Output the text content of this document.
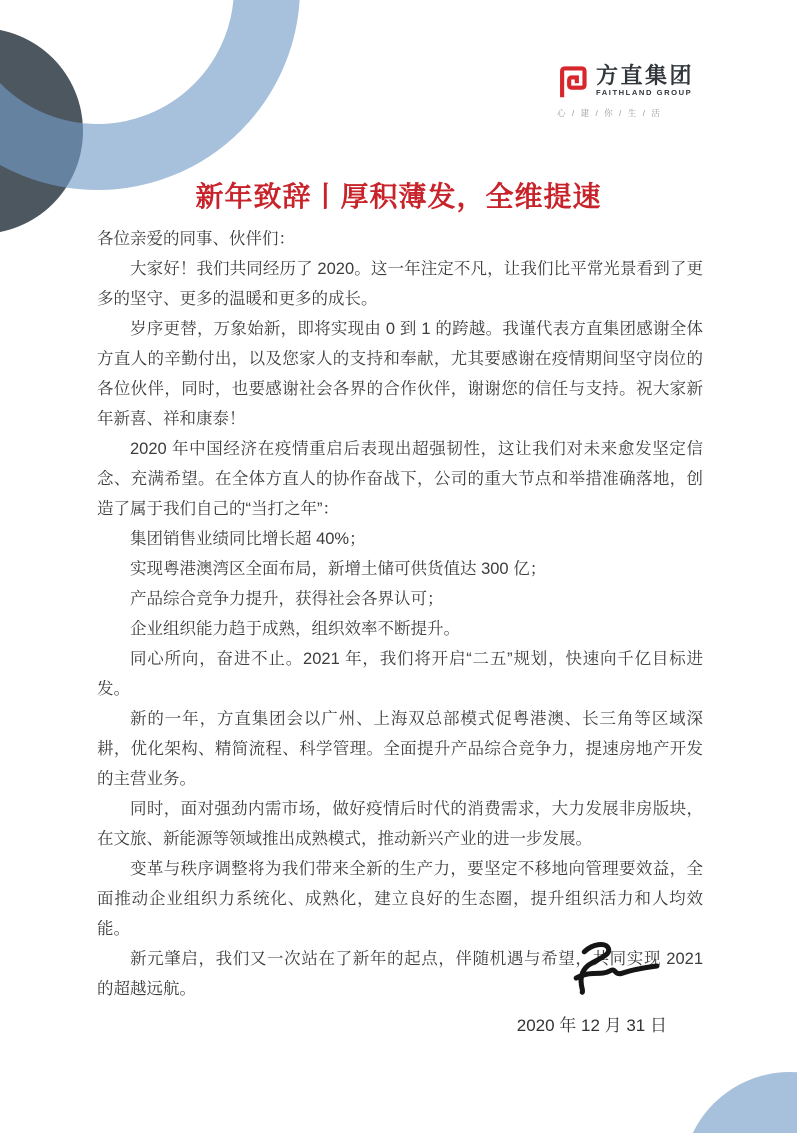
方直集团
FAITHLAND GROUP
心 / 建 / 你 / 生 / 活
新年致辞丨厚积薄发，全维提速

各位亲爱的同事、伙伴们：

大家好！我们共同经历了 2020。这一年注定不凡，让我们比平常光景看到了更多的坚守、更多的温暖和更多的成长。

岁序更替，万象始新，即将实现由 0 到 1 的跨越。我谨代表方直集团感谢全体方直人的辛勤付出，以及您家人的支持和奉献，尤其要感谢在疫情期间坚守岗位的各位伙伴，同时，也要感谢社会各界的合作伙伴，谢谢您的信任与支持。祝大家新年新喜、祥和康泰！

2020 年中国经济在疫情重启后表现出超强韧性，这让我们对未来愈发坚定信念、充满希望。在全体方直人的协作奋战下，公司的重大节点和举措准确落地，创造了属于我们自己的“当打之年”：

集团销售业绩同比增长超 40%；

实现粤港澳湾区全面布局，新增土储可供货值达 300 亿；

产品综合竞争力提升，获得社会各界认可；

企业组织能力趋于成熟，组织效率不断提升。

同心所向，奋进不止。2021 年，我们将开启“二五”规划，快速向千亿目标进发。

新的一年，方直集团会以广州、上海双总部模式促粤港澳、长三角等区域深耕，优化架构、精简流程、科学管理。全面提升产品综合竞争力，提速房地产开发的主营业务。

同时，面对强劲内需市场，做好疫情后时代的消费需求，大力发展非房版块，在文旅、新能源等领域推出成熟模式，推动新兴产业的进一步发展。

变革与秩序调整将为我们带来全新的生产力，要坚定不移地向管理要效益，全面推动企业组织力系统化、成熟化，建立良好的生态圈，提升组织活力和人均效能。

新元肇启，我们又一次站在了新年的起点，伴随机遇与希望，共同实现 2021 的超越远航。

2020 年 12 月 31 日
